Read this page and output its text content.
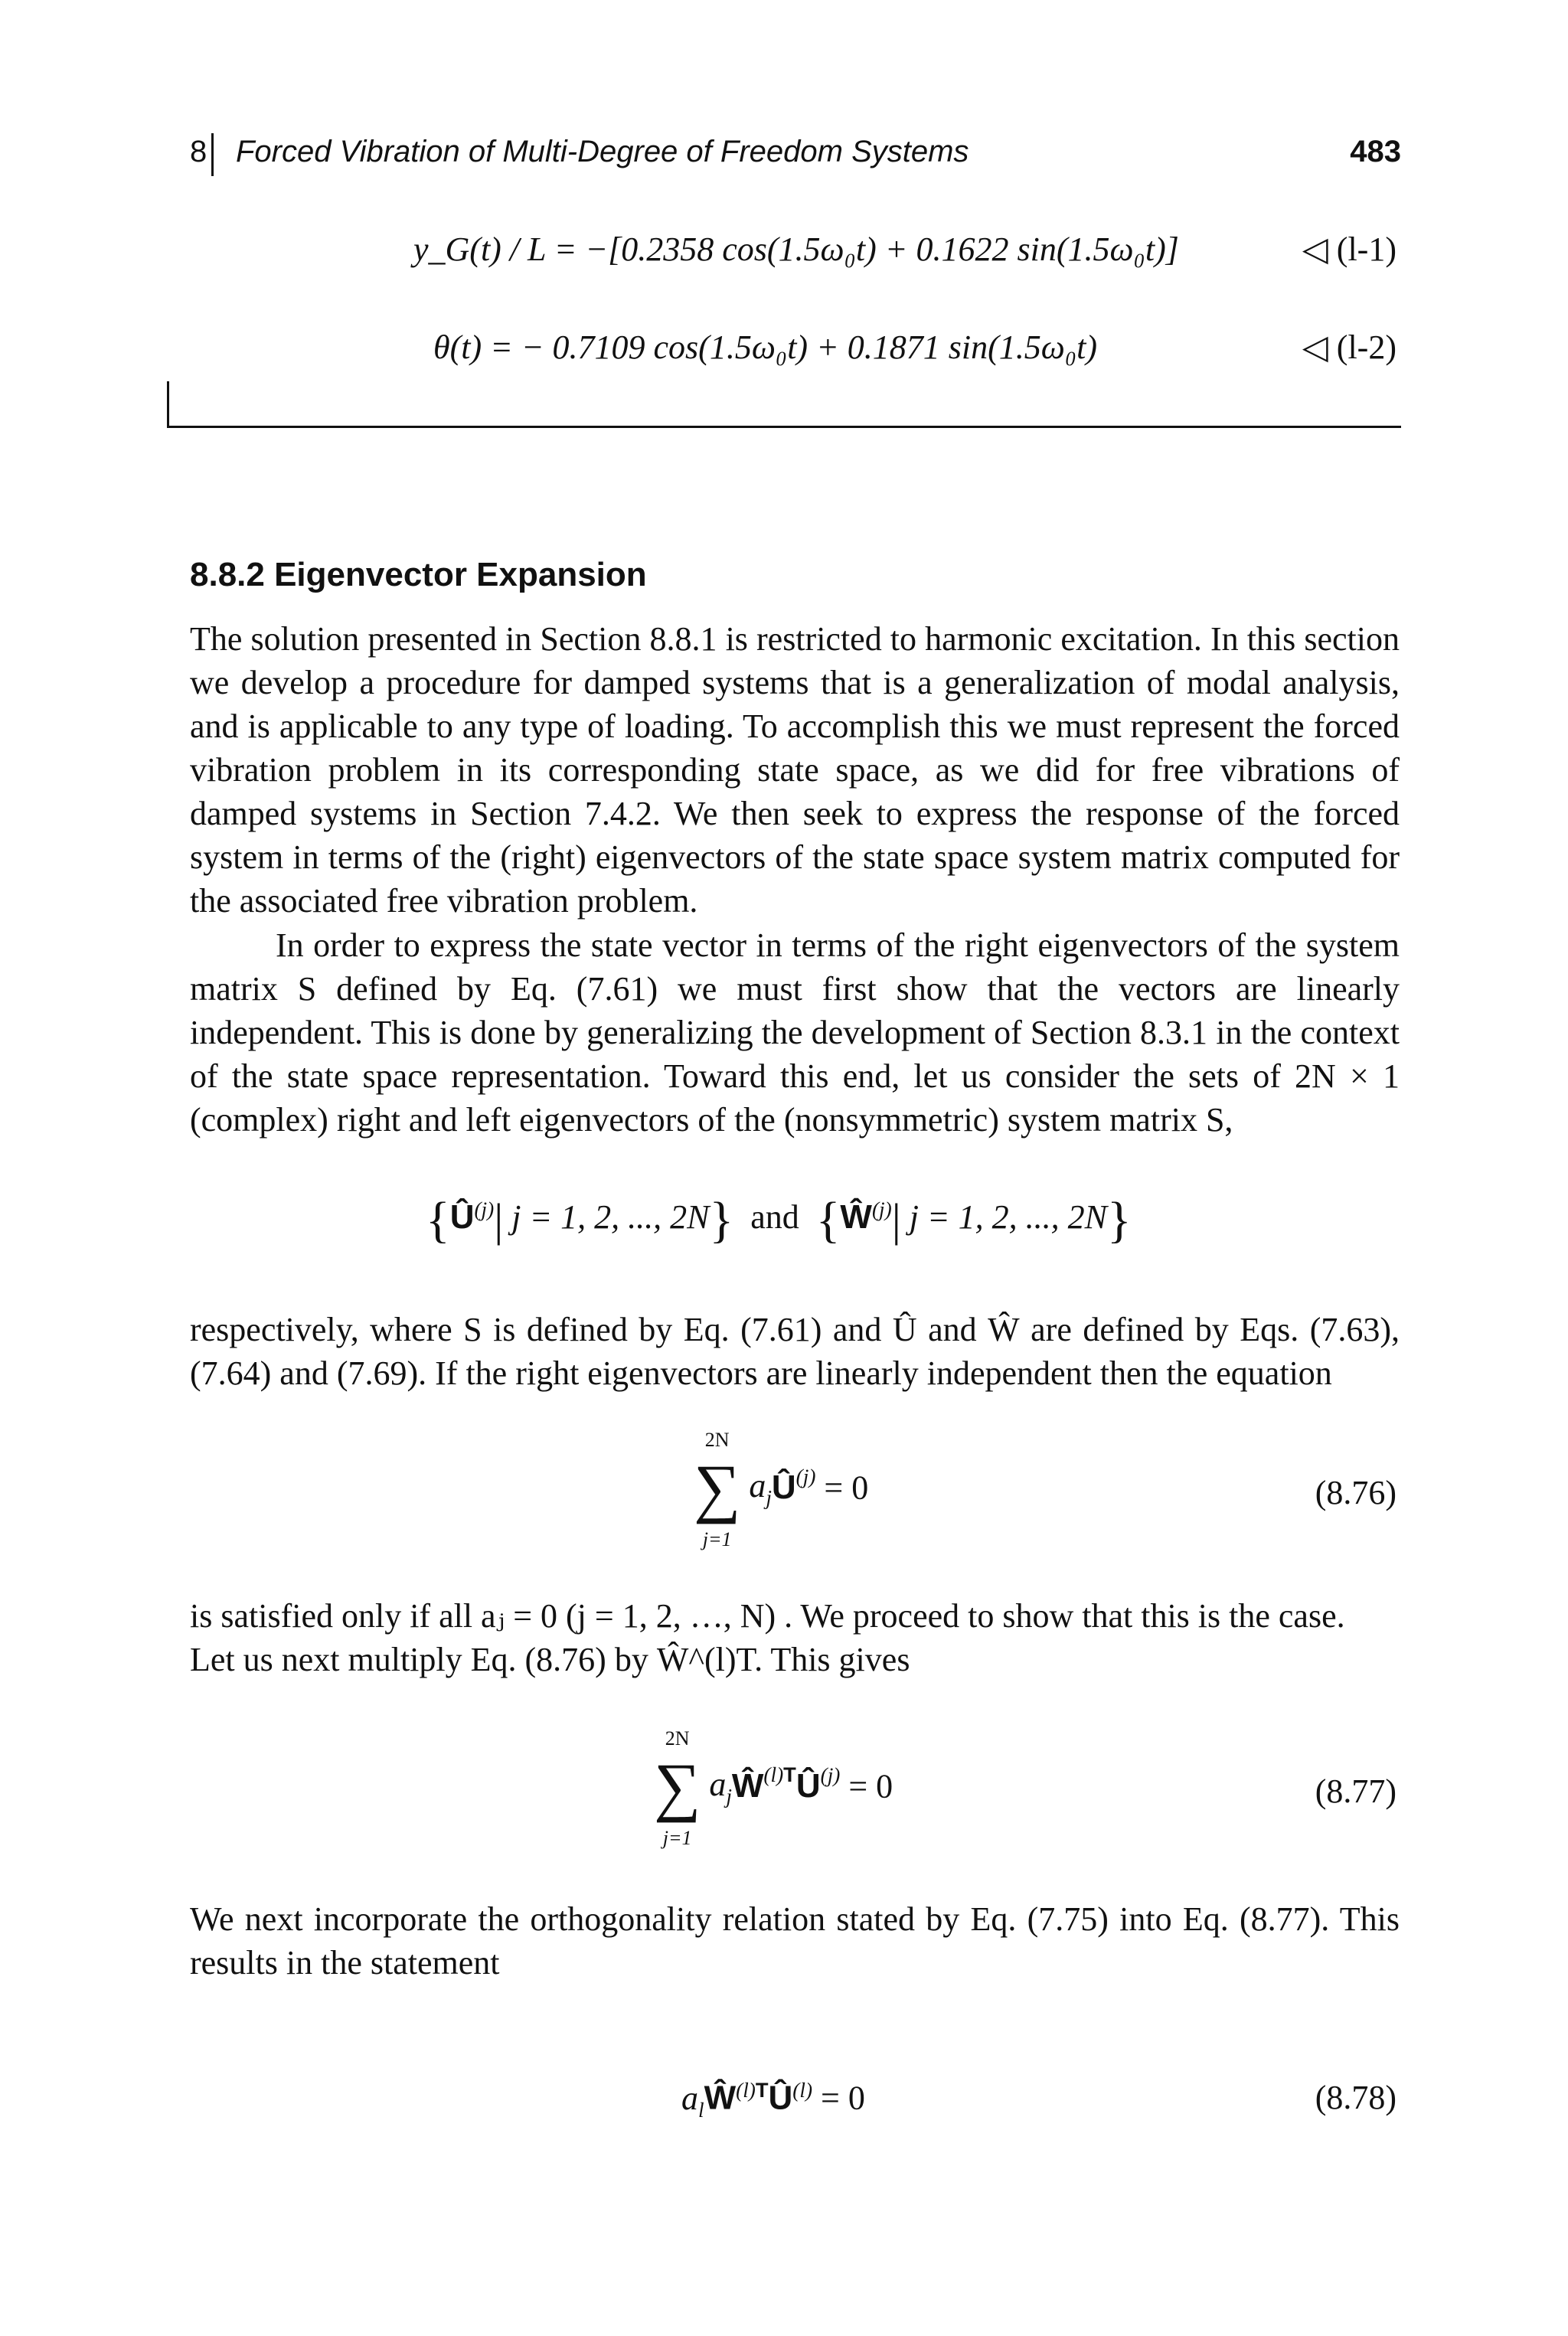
8 Forced Vibration of Multi-Degree of Freedom Systems	483
y_G(t) / L = −[0.2358 cos(1.5ω₀t) + 0.1622 sin(1.5ω₀t)]	◁ (l-1)
θ(t) = − 0.7109 cos(1.5ω₀t) + 0.1871 sin(1.5ω₀t)	◁ (l-2)
8.8.2 Eigenvector Expansion

The solution presented in Section 8.8.1 is restricted to harmonic excitation. In this section we develop a procedure for damped systems that is a generalization of modal analysis, and is applicable to any type of loading. To accomplish this we must represent the forced vibration problem in its corresponding state space, as we did for free vibrations of damped systems in Section 7.4.2. We then seek to express the response of the forced system in terms of the (right) eigenvectors of the state space system matrix computed for the associated free vibration problem.

In order to express the state vector in terms of the right eigenvectors of the system matrix S defined by Eq. (7.61) we must first show that the vectors are linearly independent. This is done by generalizing the development of Section 8.3.1 in the context of the state space representation. Toward this end, let us consider the sets of 2N × 1 (complex) right and left eigenvectors of the (nonsymmetric) system matrix S,

{$Û^{(j)}|$ j = 1, 2, ..., 2N} and {$Ŵ^{(j)}|$ j = 1, 2, ..., 2N}

respectively, where S is defined by Eq. (7.61) and Û and Ŵ are defined by Eqs. (7.63), (7.64) and (7.69). If the right eigenvectors are linearly independent then the equation

2N
∑
j=1
$a_jÛ^{(j)} = 0$	(8.76)

is satisfied only if all aⱼ = 0 (j = 1, 2, …, N) . We proceed to show that this is the case.

Let us next multiply Eq. (8.76) by Ŵ^(l)T. This gives

2N
∑
j=1
$a_jŴ^{(l)T}Û^{(j)} = 0$	(8.77)

We next incorporate the orthogonality relation stated by Eq. (7.75) into Eq. (8.77). This results in the statement

$a_lŴ^{(l)T}Û^{(l)} = 0$	(8.78)
